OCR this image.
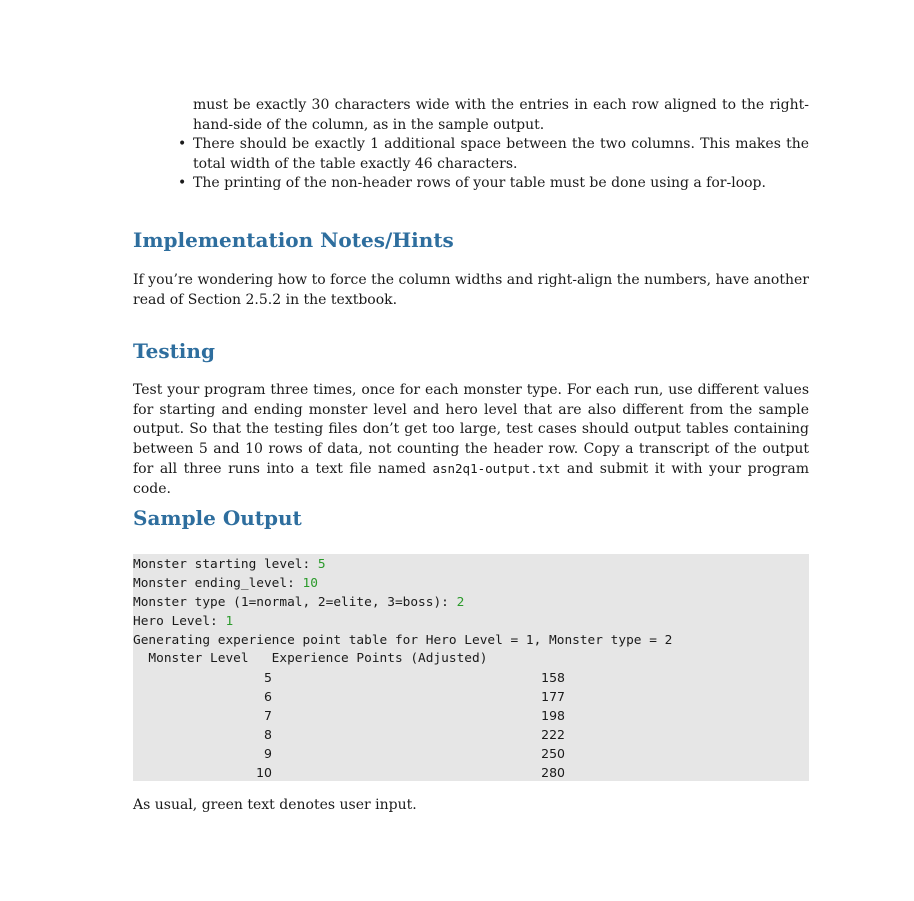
must be exactly 30 characters wide with the entries in each row aligned to the right-hand-side of the column, as in the sample output.
• There should be exactly 1 additional space between the two columns. This makes the total width of the table exactly 46 characters.
• The printing of the non-header rows of your table must be done using a for-loop.
Implementation Notes/Hints

If you’re wondering how to force the column widths and right-align the numbers, have another read of Section 2.5.2 in the textbook.

Testing

Test your program three times, once for each monster type. For each run, use different values for starting and ending monster level and hero level that are also different from the sample output. So that the testing files don’t get too large, test cases should output tables containing between 5 and 10 rows of data, not counting the header row. Copy a transcript of the output for all three runs into a text file named asn2q1-output.txt and submit it with your program code.

Sample Output
Monster starting level: 5
Monster ending_level: 10
Monster type (1=normal, 2=elite, 3=boss): 2
Hero Level: 1
Generating experience point table for Hero Level = 1, Monster type = 2
Monster Level   Experience Points (Adjusted)
5	158
6	177
7	198
8	222
9	250
10	280

As usual, green text denotes user input.
